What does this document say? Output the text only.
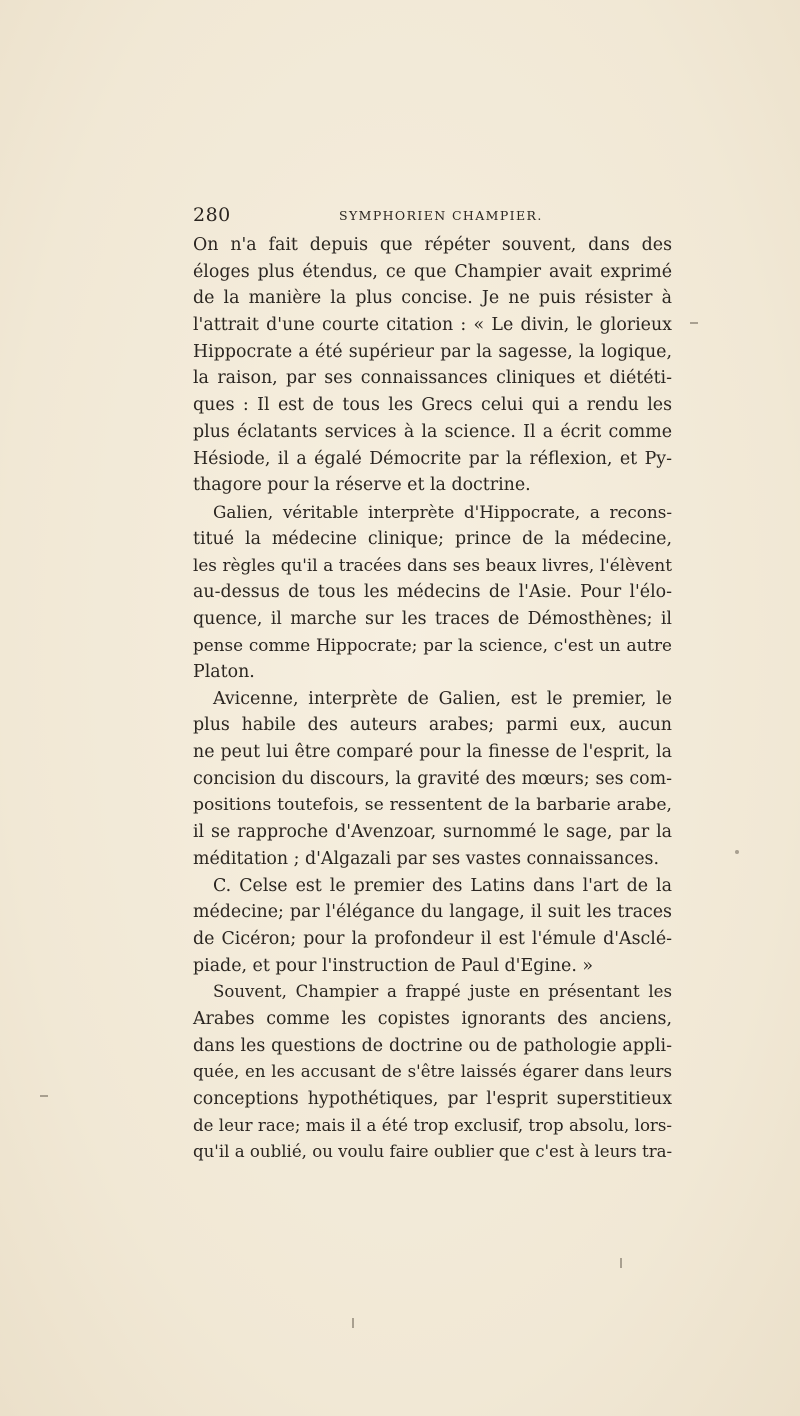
280	SYMPHORIEN CHAMPIER.
On n'a fait depuis que répéter souvent, dans des
éloges plus étendus, ce que Champier avait exprimé
de la manière la plus concise. Je ne puis résister à
l'attrait d'une courte citation : « Le divin, le glorieux
Hippocrate a été supérieur par la sagesse, la logique,
la raison, par ses connaissances cliniques et diététi-
ques : Il est de tous les Grecs celui qui a rendu les
plus éclatants services à la science. Il a écrit comme
Hésiode, il a égalé Démocrite par la réflexion, et Py-
thagore pour la réserve et la doctrine.
Galien, véritable interprète d'Hippocrate, a recons-
titué la médecine clinique; prince de la médecine,
les règles qu'il a tracées dans ses beaux livres, l'élèvent
au-dessus de tous les médecins de l'Asie. Pour l'élo-
quence, il marche sur les traces de Démosthènes; il
pense comme Hippocrate; par la science, c'est un autre
Platon.
Avicenne, interprète de Galien, est le premier, le
plus habile des auteurs arabes; parmi eux, aucun
ne peut lui être comparé pour la finesse de l'esprit, la
concision du discours, la gravité des mœurs; ses com-
positions toutefois, se ressentent de la barbarie arabe,
il se rapproche d'Avenzoar, surnommé le sage, par la
méditation ; d'Algazali par ses vastes connaissances.
C. Celse est le premier des Latins dans l'art de la
médecine; par l'élégance du langage, il suit les traces
de Cicéron; pour la profondeur il est l'émule d'Asclé-
piade, et pour l'instruction de Paul d'Egine. »
Souvent, Champier a frappé juste en présentant les
Arabes comme les copistes ignorants des anciens,
dans les questions de doctrine ou de pathologie appli-
quée, en les accusant de s'être laissés égarer dans leurs
conceptions hypothétiques, par l'esprit superstitieux
de leur race; mais il a été trop exclusif, trop absolu, lors-
qu'il a oublié, ou voulu faire oublier que c'est à leurs tra-
